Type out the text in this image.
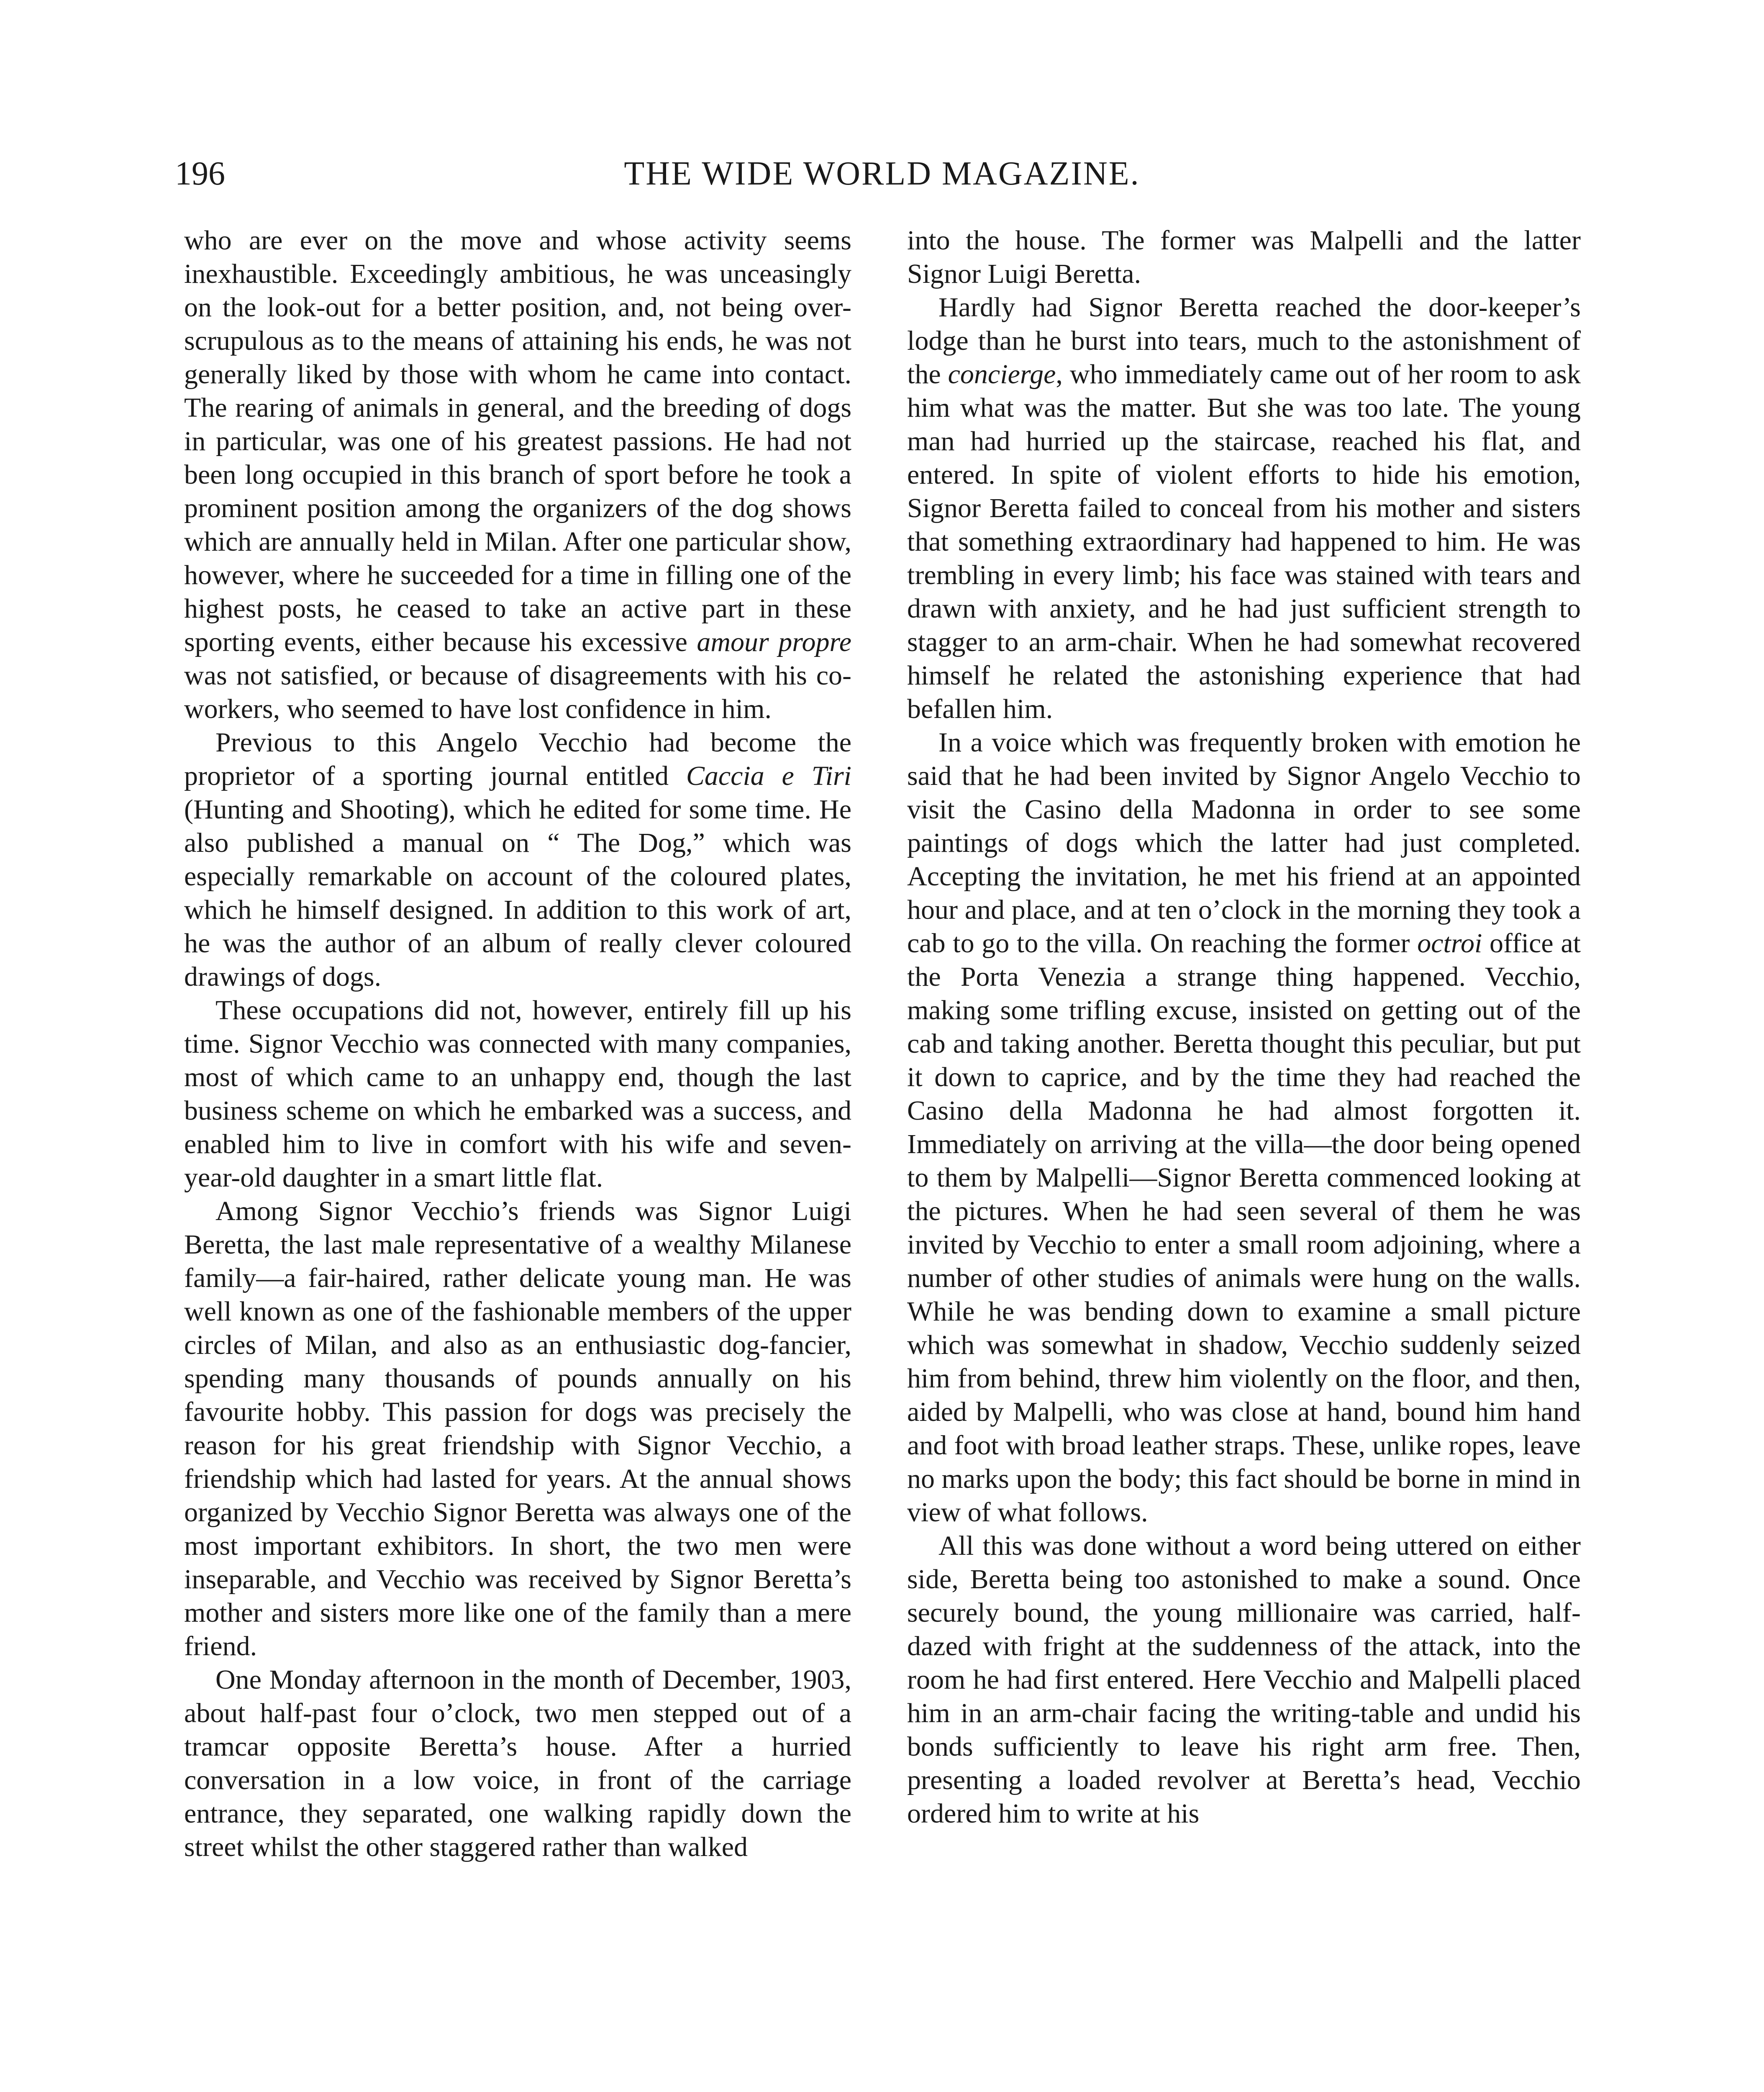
196	THE WIDE WORLD MAGAZINE.

who are ever on the move and whose activity seems inexhaustible. Exceedingly ambitious, he was unceasingly on the look-out for a better position, and, not being over-scrupulous as to the means of attaining his ends, he was not generally liked by those with whom he came into contact. The rearing of animals in general, and the breeding of dogs in particular, was one of his greatest passions. He had not been long occupied in this branch of sport before he took a prominent position among the organizers of the dog shows which are annually held in Milan. After one particular show, however, where he succeeded for a time in filling one of the highest posts, he ceased to take an active part in these sporting events, either because his excessive amour propre was not satisfied, or because of disagreements with his co-workers, who seemed to have lost confidence in him.

Previous to this Angelo Vecchio had become the proprietor of a sporting journal entitled Caccia e Tiri (Hunting and Shooting), which he edited for some time. He also published a manual on “ The Dog,” which was especially remarkable on account of the coloured plates, which he himself designed. In addition to this work of art, he was the author of an album of really clever coloured drawings of dogs.

These occupations did not, however, entirely fill up his time. Signor Vecchio was connected with many companies, most of which came to an unhappy end, though the last business scheme on which he embarked was a success, and enabled him to live in comfort with his wife and seven-year-old daughter in a smart little flat.

Among Signor Vecchio’s friends was Signor Luigi Beretta, the last male representative of a wealthy Milanese family—a fair-haired, rather delicate young man. He was well known as one of the fashionable members of the upper circles of Milan, and also as an enthusiastic dog-fancier, spending many thousands of pounds annually on his favourite hobby. This passion for dogs was precisely the reason for his great friendship with Signor Vecchio, a friendship which had lasted for years. At the annual shows organized by Vecchio Signor Beretta was always one of the most important exhibitors. In short, the two men were inseparable, and Vecchio was received by Signor Beretta’s mother and sisters more like one of the family than a mere friend.

One Monday afternoon in the month of December, 1903, about half-past four o’clock, two men stepped out of a tramcar opposite Beretta’s house. After a hurried conversation in a low voice, in front of the carriage entrance, they separated, one walking rapidly down the street whilst the other staggered rather than walked

into the house. The former was Malpelli and the latter Signor Luigi Beretta.

Hardly had Signor Beretta reached the door-keeper’s lodge than he burst into tears, much to the astonishment of the concierge, who immediately came out of her room to ask him what was the matter. But she was too late. The young man had hurried up the staircase, reached his flat, and entered. In spite of violent efforts to hide his emotion, Signor Beretta failed to conceal from his mother and sisters that something extraordinary had happened to him. He was trembling in every limb; his face was stained with tears and drawn with anxiety, and he had just sufficient strength to stagger to an arm-chair. When he had somewhat recovered himself he related the astonishing experience that had befallen him.

In a voice which was frequently broken with emotion he said that he had been invited by Signor Angelo Vecchio to visit the Casino della Madonna in order to see some paintings of dogs which the latter had just completed. Accepting the invitation, he met his friend at an appointed hour and place, and at ten o’clock in the morning they took a cab to go to the villa. On reaching the former octroi office at the Porta Venezia a strange thing happened. Vecchio, making some trifling excuse, insisted on getting out of the cab and taking another. Beretta thought this peculiar, but put it down to caprice, and by the time they had reached the Casino della Madonna he had almost forgotten it. Immediately on arriving at the villa—the door being opened to them by Malpelli—Signor Beretta commenced looking at the pictures. When he had seen several of them he was invited by Vecchio to enter a small room adjoining, where a number of other studies of animals were hung on the walls. While he was bending down to examine a small picture which was somewhat in shadow, Vecchio suddenly seized him from behind, threw him violently on the floor, and then, aided by Malpelli, who was close at hand, bound him hand and foot with broad leather straps. These, unlike ropes, leave no marks upon the body; this fact should be borne in mind in view of what follows.

All this was done without a word being uttered on either side, Beretta being too astonished to make a sound. Once securely bound, the young millionaire was carried, half-dazed with fright at the suddenness of the attack, into the room he had first entered. Here Vecchio and Malpelli placed him in an arm-chair facing the writing-table and undid his bonds sufficiently to leave his right arm free. Then, presenting a loaded revolver at Beretta’s head, Vecchio ordered him to write at his
